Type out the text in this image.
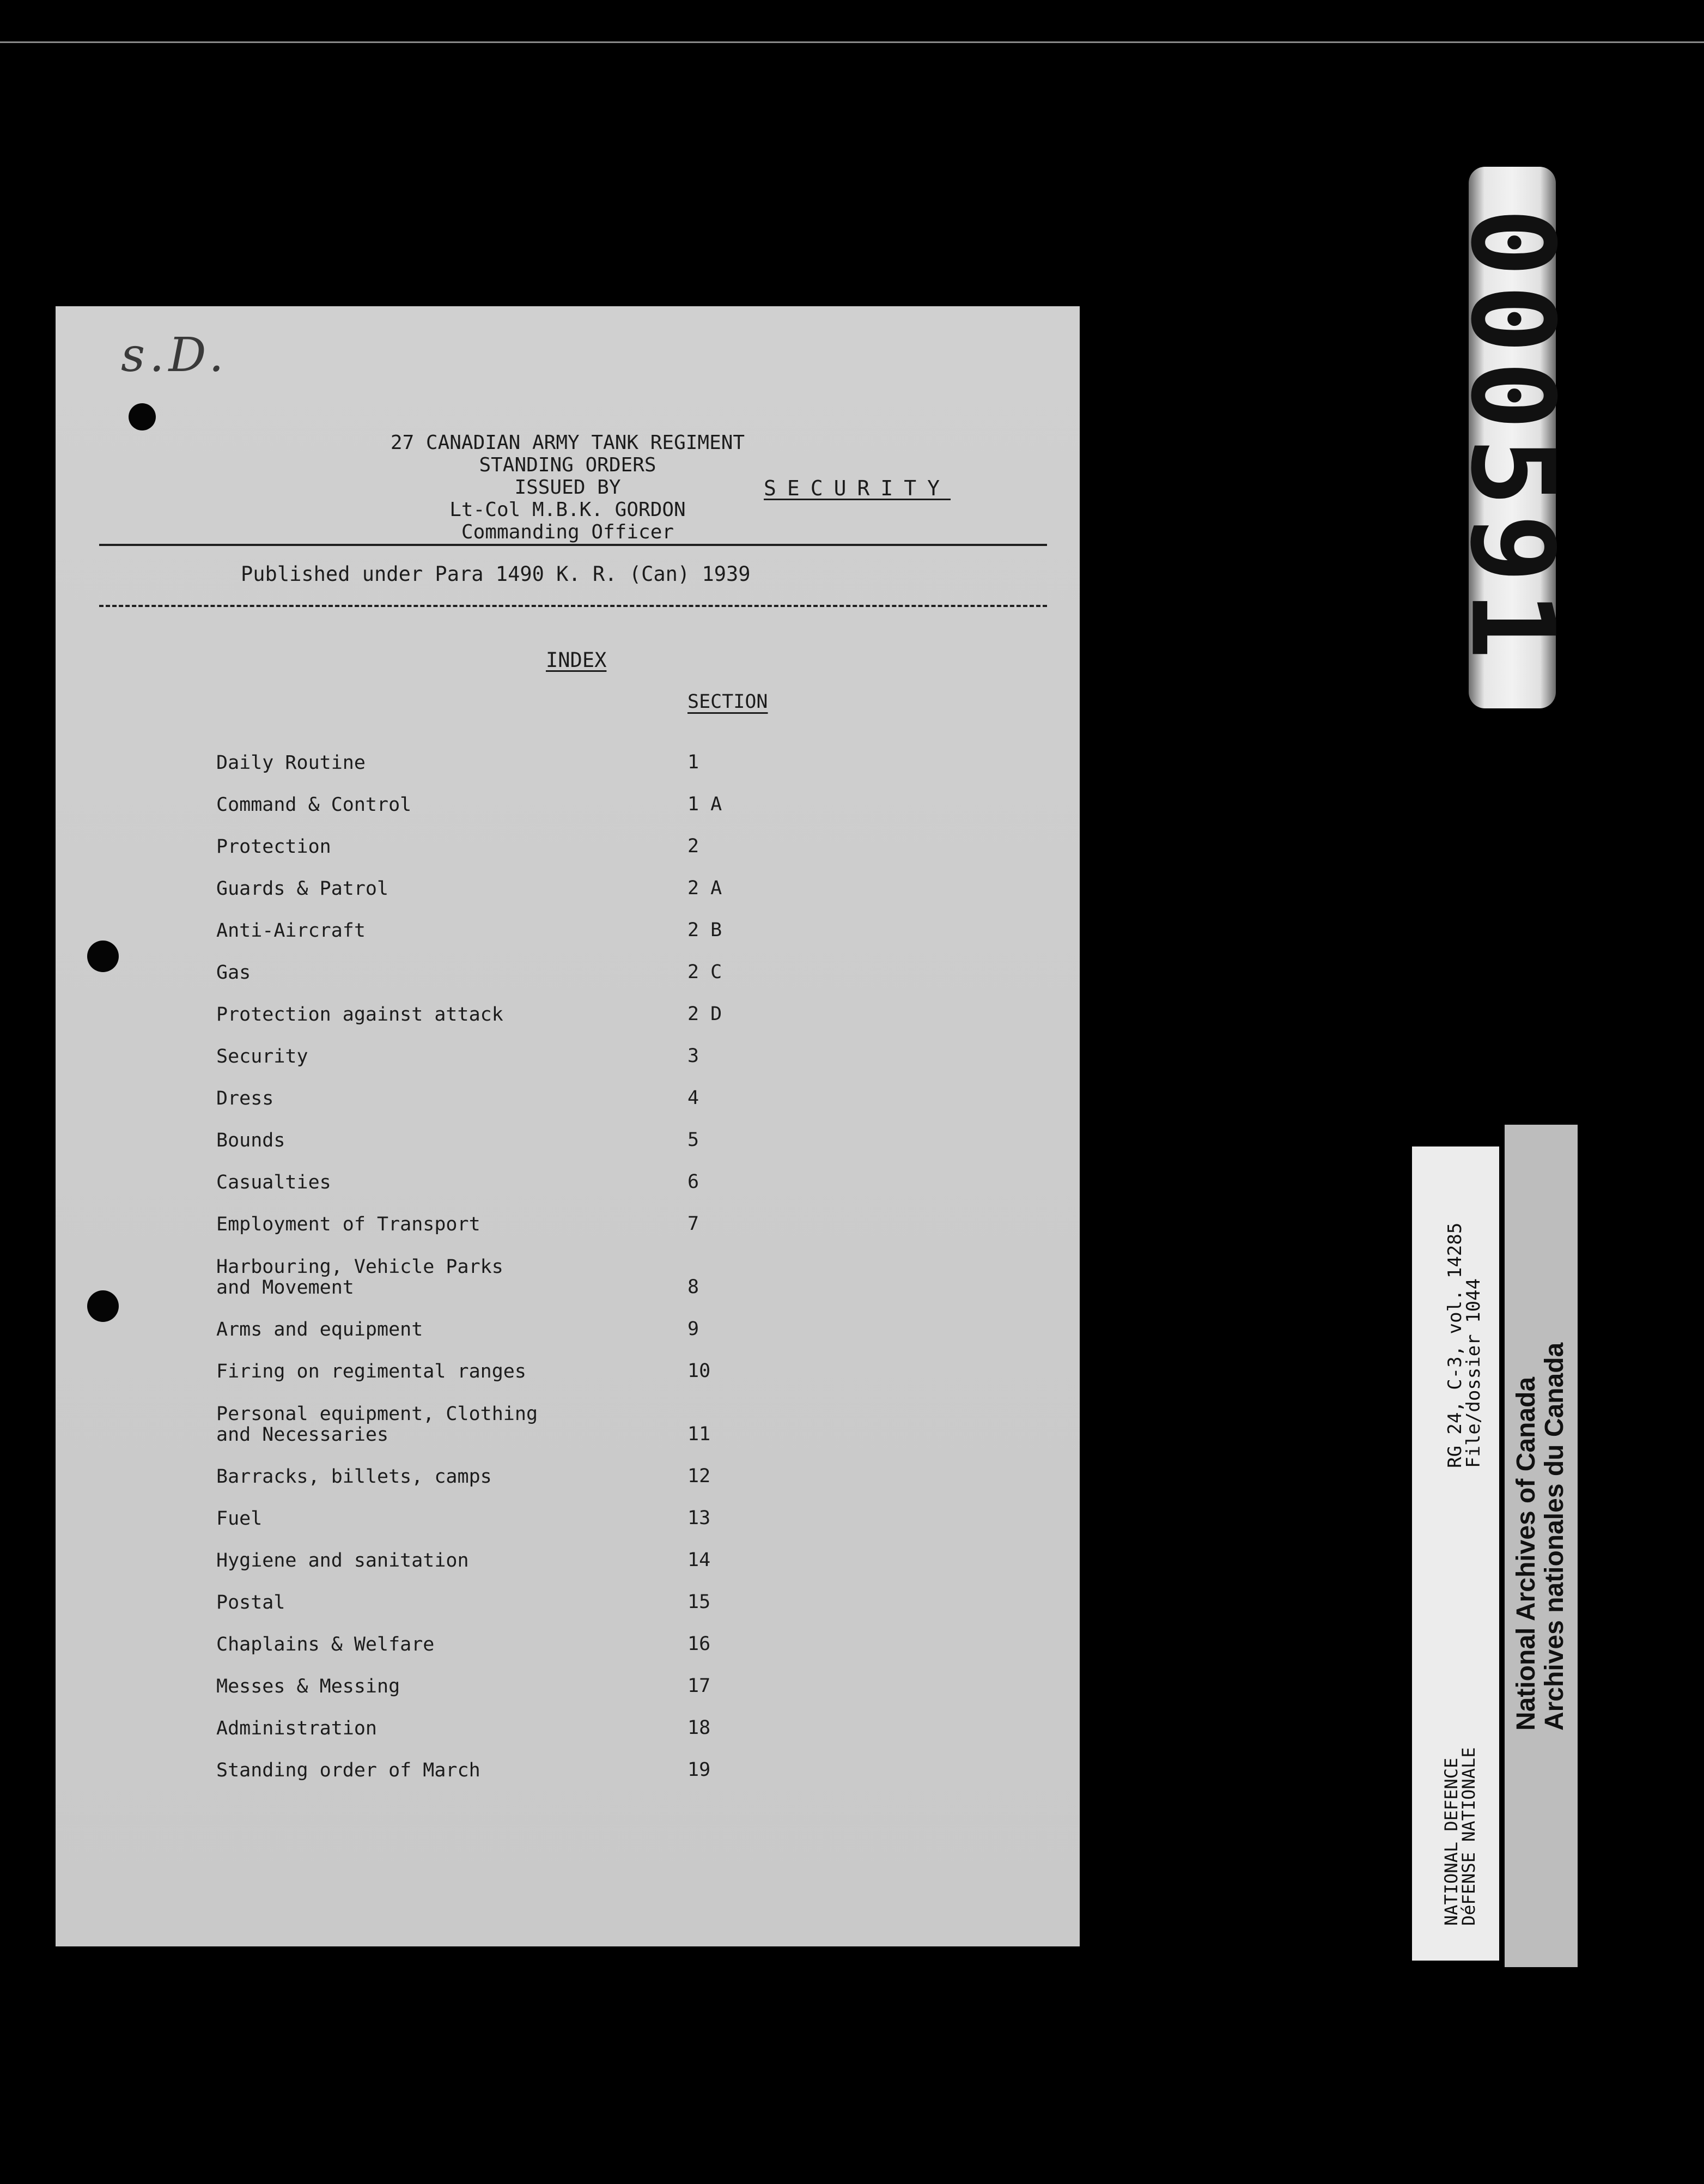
s.D.
27 CANADIAN ARMY TANK REGIMENT
STANDING ORDERS
ISSUED BY
Lt-Col M.B.K. GORDON
Commanding Officer
SECURITY
Published under Para 1490 K. R. (Can) 1939
INDEX
SECTION
Daily Routine	1
Command & Control	1 A
Protection	2
Guards & Patrol	2 A
Anti-Aircraft	2 B
Gas	2 C
Protection against attack	2 D
Security	3
Dress	4
Bounds	5
Casualties	6
Employment of Transport	7
Harbouring, Vehicle Parks
and Movement	8
Arms and equipment	9
Firing on regimental ranges	10
Personal equipment, Clothing
and Necessaries	11
Barracks, billets, camps	12
Fuel	13
Hygiene and sanitation	14
Postal	15
Chaplains & Welfare	16
Messes & Messing	17
Administration	18
Standing order of March	19
000591
RG 24, C-3, vol. 14285
File/dossier 1044
NATIONAL DEFENCE
DéFENSE NATIONALE
National Archives of Canada Archives nationales du Canada
